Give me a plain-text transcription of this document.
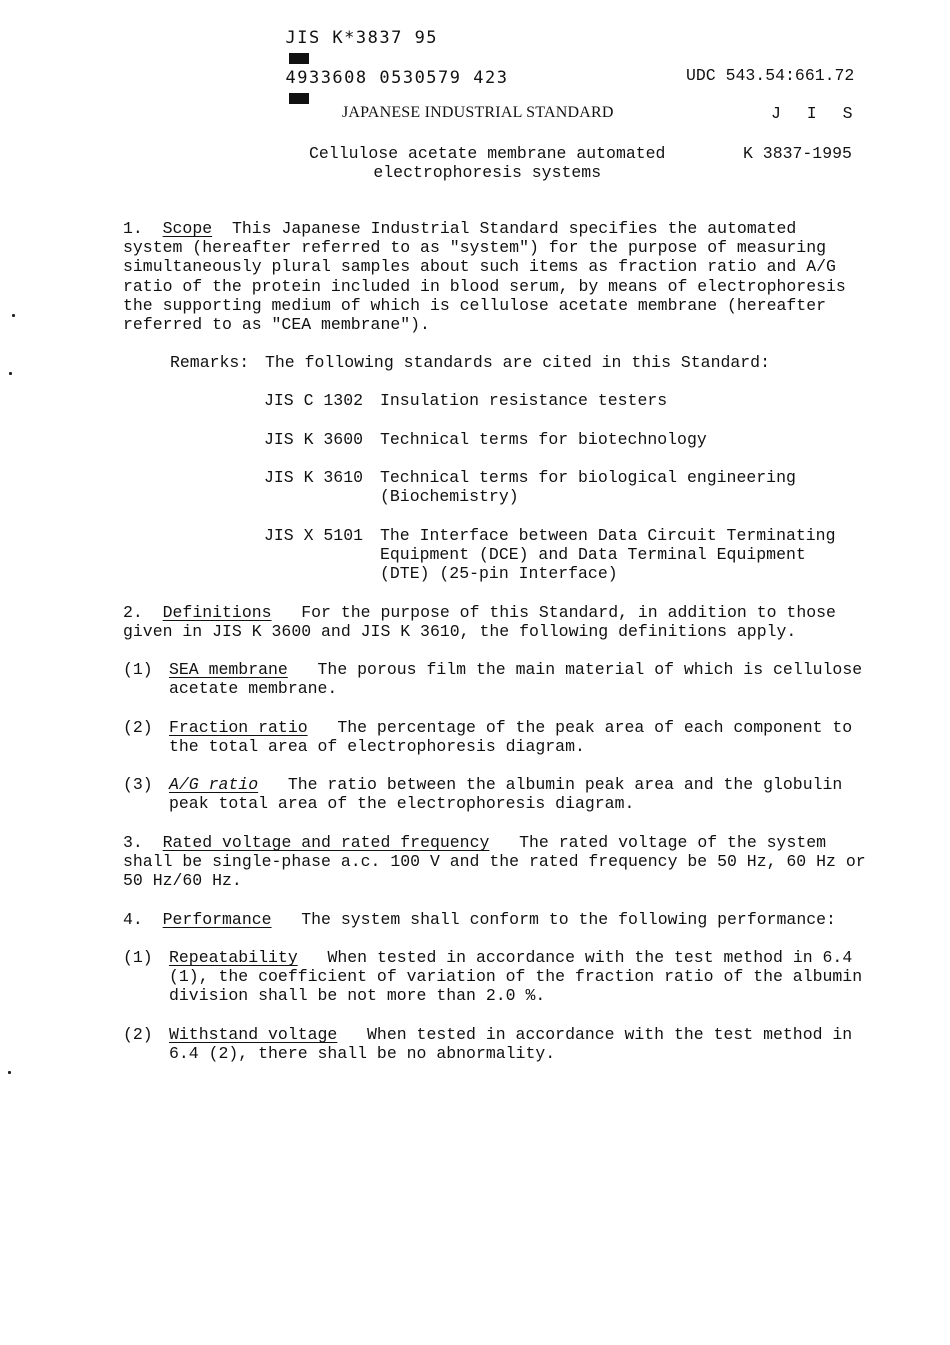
JIS K*3837 95

4933608 0530579 423
	UDC 543.54:661.72
JAPANESE INDUSTRIAL STANDARD	J I S
Cellulose acetate membrane automated
electrophoresis systems
K 3837-1995
1. Scope  This Japanese Industrial Standard specifies the automated
system (hereafter referred to as "system") for the purpose of measuring
simultaneously plural samples about such items as fraction ratio and A/G
ratio of the protein included in blood serum, by means of electrophoresis
the supporting medium of which is cellulose acetate membrane (hereafter
referred to as "CEA membrane").
Remarks: The following standards are cited in this Standard:
JIS C 1302 Insulation resistance testers
JIS K 3600 Technical terms for biotechnology
JIS K 3610 Technical terms for biological engineering
(Biochemistry)
JIS X 5101 The Interface between Data Circuit Terminating
Equipment (DCE) and Data Terminal Equipment
(DTE) (25-pin Interface)
2. Definitions   For the purpose of this Standard, in addition to those
given in JIS K 3600 and JIS K 3610, the following definitions apply.
(1) SEA membrane   The porous film the main material of which is cellulose
acetate membrane.
(2) Fraction ratio   The percentage of the peak area of each component to
the total area of electrophoresis diagram.
(3) A/G ratio   The ratio between the albumin peak area and the globulin
peak total area of the electrophoresis diagram.
3. Rated voltage and rated frequency   The rated voltage of the system
shall be single-phase a.c. 100 V and the rated frequency be 50 Hz, 60 Hz or
50 Hz/60 Hz.
4. Performance   The system shall conform to the following performance:
(1) Repeatability   When tested in accordance with the test method in 6.4
(1), the coefficient of variation of the fraction ratio of the albumin
division shall be not more than 2.0 %.
(2) Withstand voltage   When tested in accordance with the test method in
6.4 (2), there shall be no abnormality.
